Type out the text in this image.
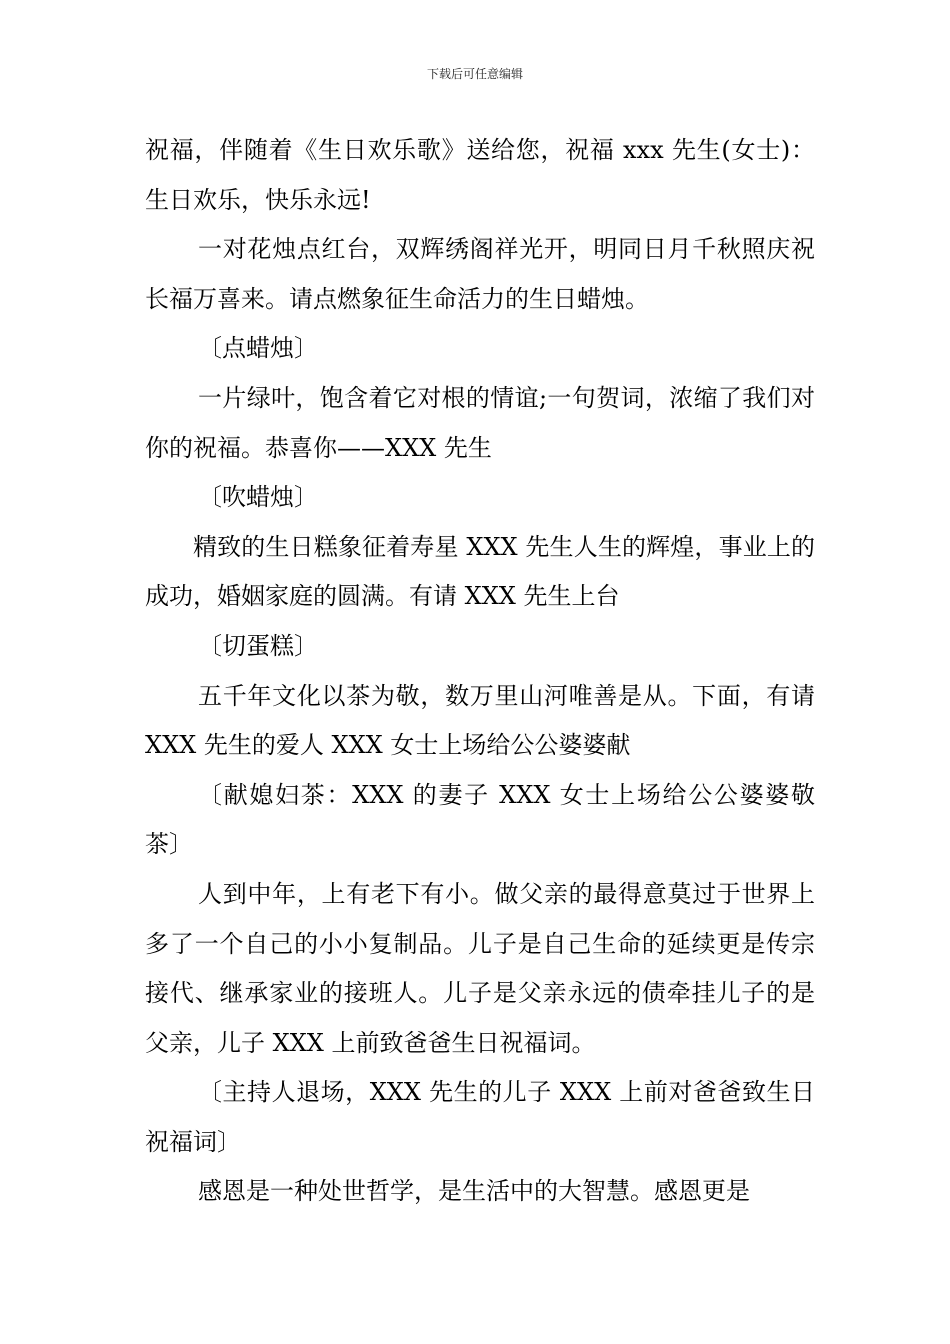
下载后可任意编辑

祝福，伴随着《生日欢乐歌》送给您，祝福 xxx 先生(女士)：生日欢乐，快乐永远!

一对花烛点红台，双辉绣阁祥光开，明同日月千秋照庆祝长福万喜来。请点燃象征生命活力的生日蜡烛。

〔点蜡烛〕

一片绿叶，饱含着它对根的情谊;一句贺词，浓缩了我们对你的祝福。恭喜你——XXX 先生

〔吹蜡烛〕

精致的生日糕象征着寿星 XXX 先生人生的辉煌，事业上的成功，婚姻家庭的圆满。有请 XXX 先生上台

〔切蛋糕〕

五千年文化以茶为敬，数万里山河唯善是从。下面，有请 XXX 先生的爱人 XXX 女士上场给公公婆婆献

〔献媳妇茶：XXX 的妻子 XXX 女士上场给公公婆婆敬茶〕

人到中年，上有老下有小。做父亲的最得意莫过于世界上多了一个自己的小小复制品。儿子是自己生命的延续更是传宗接代、继承家业的接班人。儿子是父亲永远的债牵挂儿子的是父亲，儿子 XXX 上前致爸爸生日祝福词。

〔主持人退场，XXX 先生的儿子 XXX 上前对爸爸致生日祝福词〕

感恩是一种处世哲学，是生活中的大智慧。感恩更是
